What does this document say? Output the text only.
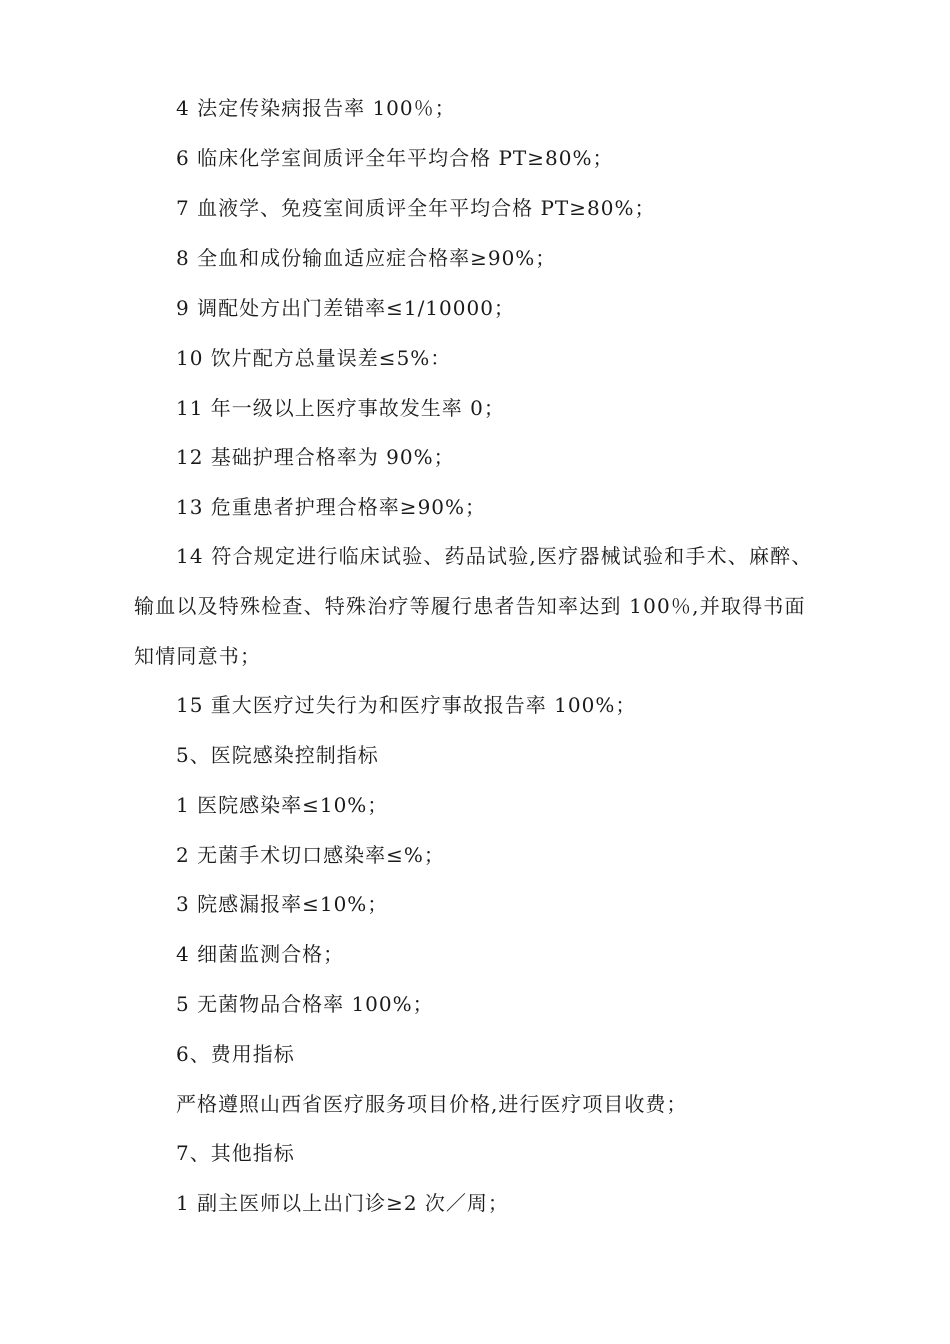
4 法定传染病报告率 100％；
6 临床化学室间质评全年平均合格 PT≥80%；
7 血液学、免疫室间质评全年平均合格 PT≥80%；
8 全血和成份输血适应症合格率≥90%；
9 调配处方出门差错率≤1/10000；
10 饮片配方总量误差≤5%：
11 年一级以上医疗事故发生率 0；
12 基础护理合格率为 90%；
13 危重患者护理合格率≥90%；
14 符合规定进行临床试验、药品试验,医疗器械试验和手术、麻醉、输血以及特殊检查、特殊治疗等履行患者告知率达到 100％,并取得书面知情同意书；
15 重大医疗过失行为和医疗事故报告率 100%；
5、医院感染控制指标
1 医院感染率≤10%；
2 无菌手术切口感染率≤%；
3 院感漏报率≤10%；
4 细菌监测合格；
5 无菌物品合格率 100%；
6、费用指标
严格遵照山西省医疗服务项目价格,进行医疗项目收费；
7、其他指标
1 副主医师以上出门诊≥2 次／周；
